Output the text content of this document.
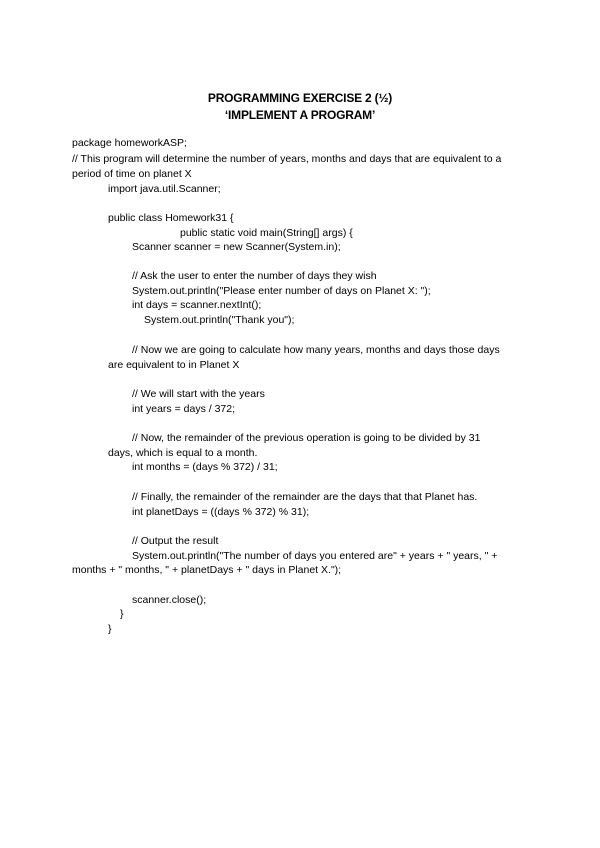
PROGRAMMING EXERCISE 2 (½)
‘IMPLEMENT A PROGRAM’
package homeworkASP;
// This program will determine the number of years, months and days that are equivalent to a
period of time on planet X
import java.util.Scanner;
public class Homework31 {
public static void main(String[] args) {
Scanner scanner = new Scanner(System.in);
// Ask the user to enter the number of days they wish
System.out.println("Please enter number of days on Planet X: ");
int days = scanner.nextInt();
System.out.println("Thank you");
// Now we are going to calculate how many years, months and days those days
are equivalent to in Planet X
// We will start with the years
int years = days / 372;
// Now, the remainder of the previous operation is going to be divided by 31
days, which is equal to a month.
int months = (days % 372) / 31;
// Finally, the remainder of the remainder are the days that that Planet has.
int planetDays = ((days % 372) % 31);
// Output the result
System.out.println("The number of days you entered are" + years + " years, " +
months + " months, " + planetDays + " days in Planet X.");
scanner.close();
}
}
